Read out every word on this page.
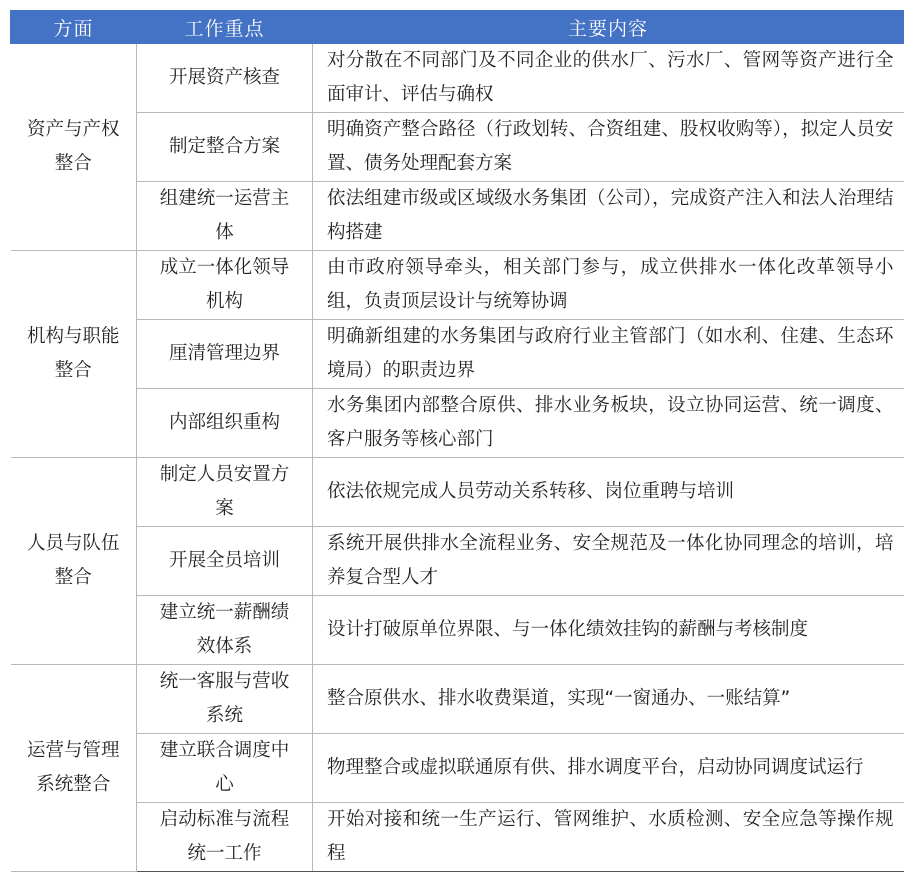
方面	工作重点	主要内容
资产与产权整合	开展资产核查	对分散在不同部门及不同企业的供水厂、污水厂、管网等资产进行全面审计、评估与确权
	制定整合方案	明确资产整合路径（行政划转、合资组建、股权收购等），拟定人员安置、债务处理配套方案
	组建统一运营主体	依法组建市级或区域级水务集团（公司），完成资产注入和法人治理结构搭建
机构与职能整合	成立一体化领导机构	由市政府领导牵头，相关部门参与，成立供排水一体化改革领导小组，负责顶层设计与统筹协调
	厘清管理边界	明确新组建的水务集团与政府行业主管部门（如水利、住建、生态环境局）的职责边界
	内部组织重构	水务集团内部整合原供、排水业务板块，设立协同运营、统一调度、客户服务等核心部门
人员与队伍整合	制定人员安置方案	依法依规完成人员劳动关系转移、岗位重聘与培训
	开展全员培训	系统开展供排水全流程业务、安全规范及一体化协同理念的培训，培养复合型人才
	建立统一薪酬绩效体系	设计打破原单位界限、与一体化绩效挂钩的薪酬与考核制度
运营与管理系统整合	统一客服与营收系统	整合原供水、排水收费渠道，实现“一窗通办、一账结算”
	建立联合调度中心	物理整合或虚拟联通原有供、排水调度平台，启动协同调度试运行
	启动标准与流程统一工作	开始对接和统一生产运行、管网维护、水质检测、安全应急等操作规程
